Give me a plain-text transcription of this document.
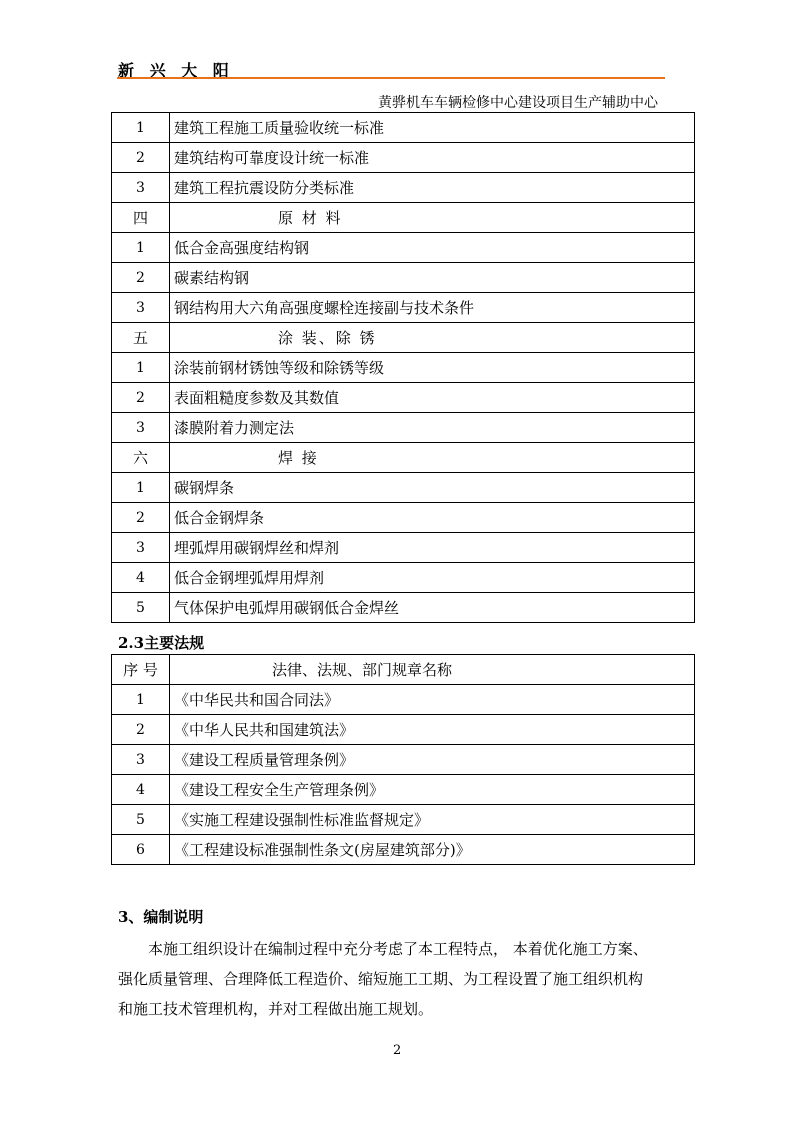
新 兴 大 阳
黄骅机车车辆检修中心建设项目生产辅助中心
1	建筑工程施工质量验收统一标准
2	建筑结构可靠度设计统一标准
3	建筑工程抗震设防分类标准
四	原 材 料
1	低合金高强度结构钢
2	碳素结构钢
3	钢结构用大六角高强度螺栓连接副与技术条件
五	涂 装、除 锈
1	涂装前钢材锈蚀等级和除锈等级
2	表面粗糙度参数及其数值
3	漆膜附着力测定法
六	焊 接
1	碳钢焊条
2	低合金钢焊条
3	埋弧焊用碳钢焊丝和焊剂
4	低合金钢埋弧焊用焊剂
5	气体保护电弧焊用碳钢低合金焊丝
2.3主要法规
序 号	法律、法规、部门规章名称
1	《中华民共和国合同法》
2	《中华人民共和国建筑法》
3	《建设工程质量管理条例》
4	《建设工程安全生产管理条例》
5	《实施工程建设强制性标准监督规定》
6	《工程建设标准强制性条文(房屋建筑部分)》
3、编制说明

本施工组织设计在编制过程中充分考虑了本工程特点， 本着优化施工方案、

强化质量管理、合理降低工程造价、缩短施工工期、为工程设置了施工组织机构

和施工技术管理机构，并对工程做出施工规划。

2
